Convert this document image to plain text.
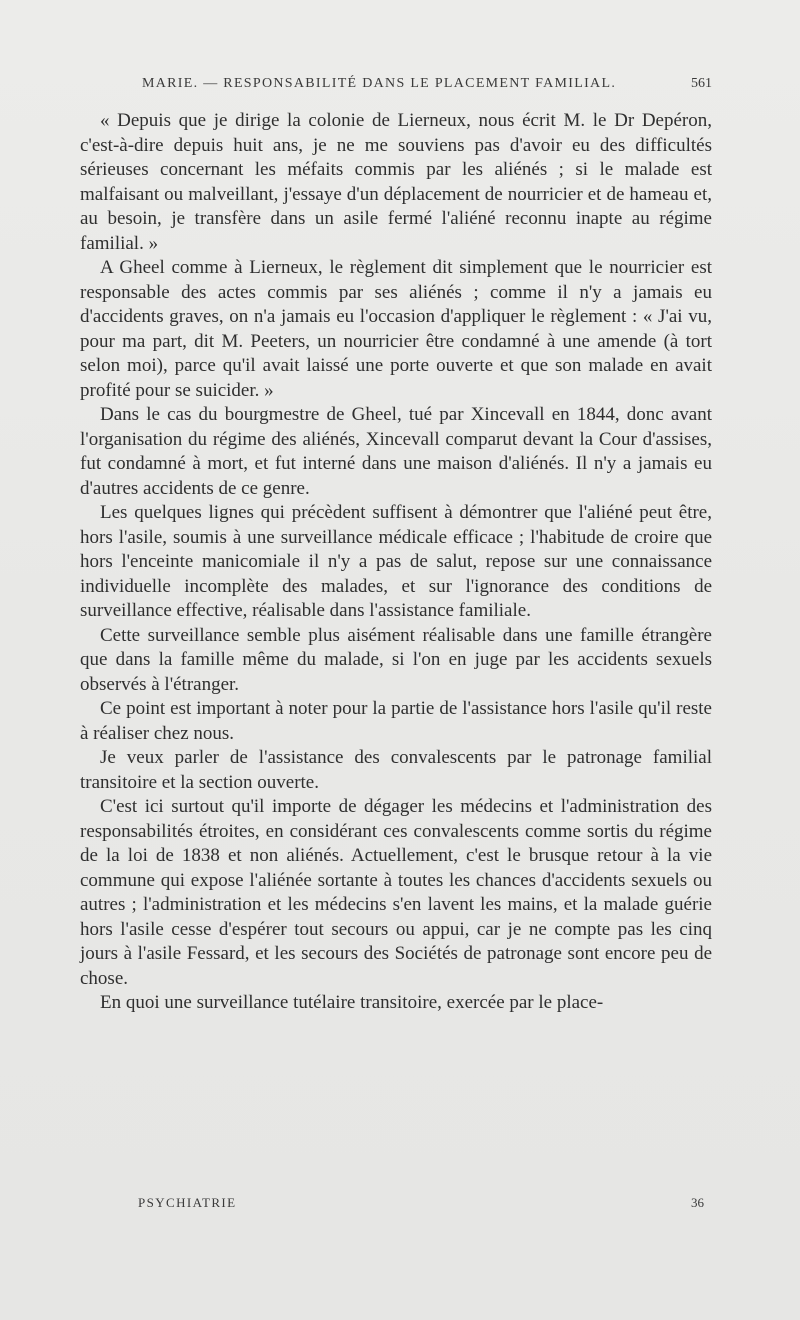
MARIE. — RESPONSABILITÉ DANS LE PLACEMENT FAMILIAL.	561

« Depuis que je dirige la colonie de Lierneux, nous écrit M. le Dr Depéron, c'est-à-dire depuis huit ans, je ne me souviens pas d'avoir eu des difficultés sérieuses concernant les méfaits commis par les aliénés ; si le malade est malfaisant ou malveillant, j'essaye d'un déplacement de nourricier et de hameau et, au besoin, je transfère dans un asile fermé l'aliéné reconnu inapte au régime familial. »

A Gheel comme à Lierneux, le règlement dit simplement que le nourricier est responsable des actes commis par ses aliénés ; comme il n'y a jamais eu d'accidents graves, on n'a jamais eu l'occasion d'appliquer le règlement : « J'ai vu, pour ma part, dit M. Peeters, un nourricier être condamné à une amende (à tort selon moi), parce qu'il avait laissé une porte ouverte et que son malade en avait profité pour se suicider. »

Dans le cas du bourgmestre de Gheel, tué par Xincevall en 1844, donc avant l'organisation du régime des aliénés, Xincevall comparut devant la Cour d'assises, fut condamné à mort, et fut interné dans une maison d'aliénés. Il n'y a jamais eu d'autres accidents de ce genre.

Les quelques lignes qui précèdent suffisent à démontrer que l'aliéné peut être, hors l'asile, soumis à une surveillance médicale efficace ; l'habitude de croire que hors l'enceinte manicomiale il n'y a pas de salut, repose sur une connaissance individuelle incomplète des malades, et sur l'ignorance des conditions de surveillance effective, réalisable dans l'assistance familiale.

Cette surveillance semble plus aisément réalisable dans une famille étrangère que dans la famille même du malade, si l'on en juge par les accidents sexuels observés à l'étranger.

Ce point est important à noter pour la partie de l'assistance hors l'asile qu'il reste à réaliser chez nous.

Je veux parler de l'assistance des convalescents par le patronage familial transitoire et la section ouverte.

C'est ici surtout qu'il importe de dégager les médecins et l'administration des responsabilités étroites, en considérant ces convalescents comme sortis du régime de la loi de 1838 et non aliénés. Actuellement, c'est le brusque retour à la vie commune qui expose l'aliénée sortante à toutes les chances d'accidents sexuels ou autres ; l'administration et les médecins s'en lavent les mains, et la malade guérie hors l'asile cesse d'espérer tout secours ou appui, car je ne compte pas les cinq jours à l'asile Fessard, et les secours des Sociétés de patronage sont encore peu de chose.

En quoi une surveillance tutélaire transitoire, exercée par le place-

PSYCHIATRIE	36
